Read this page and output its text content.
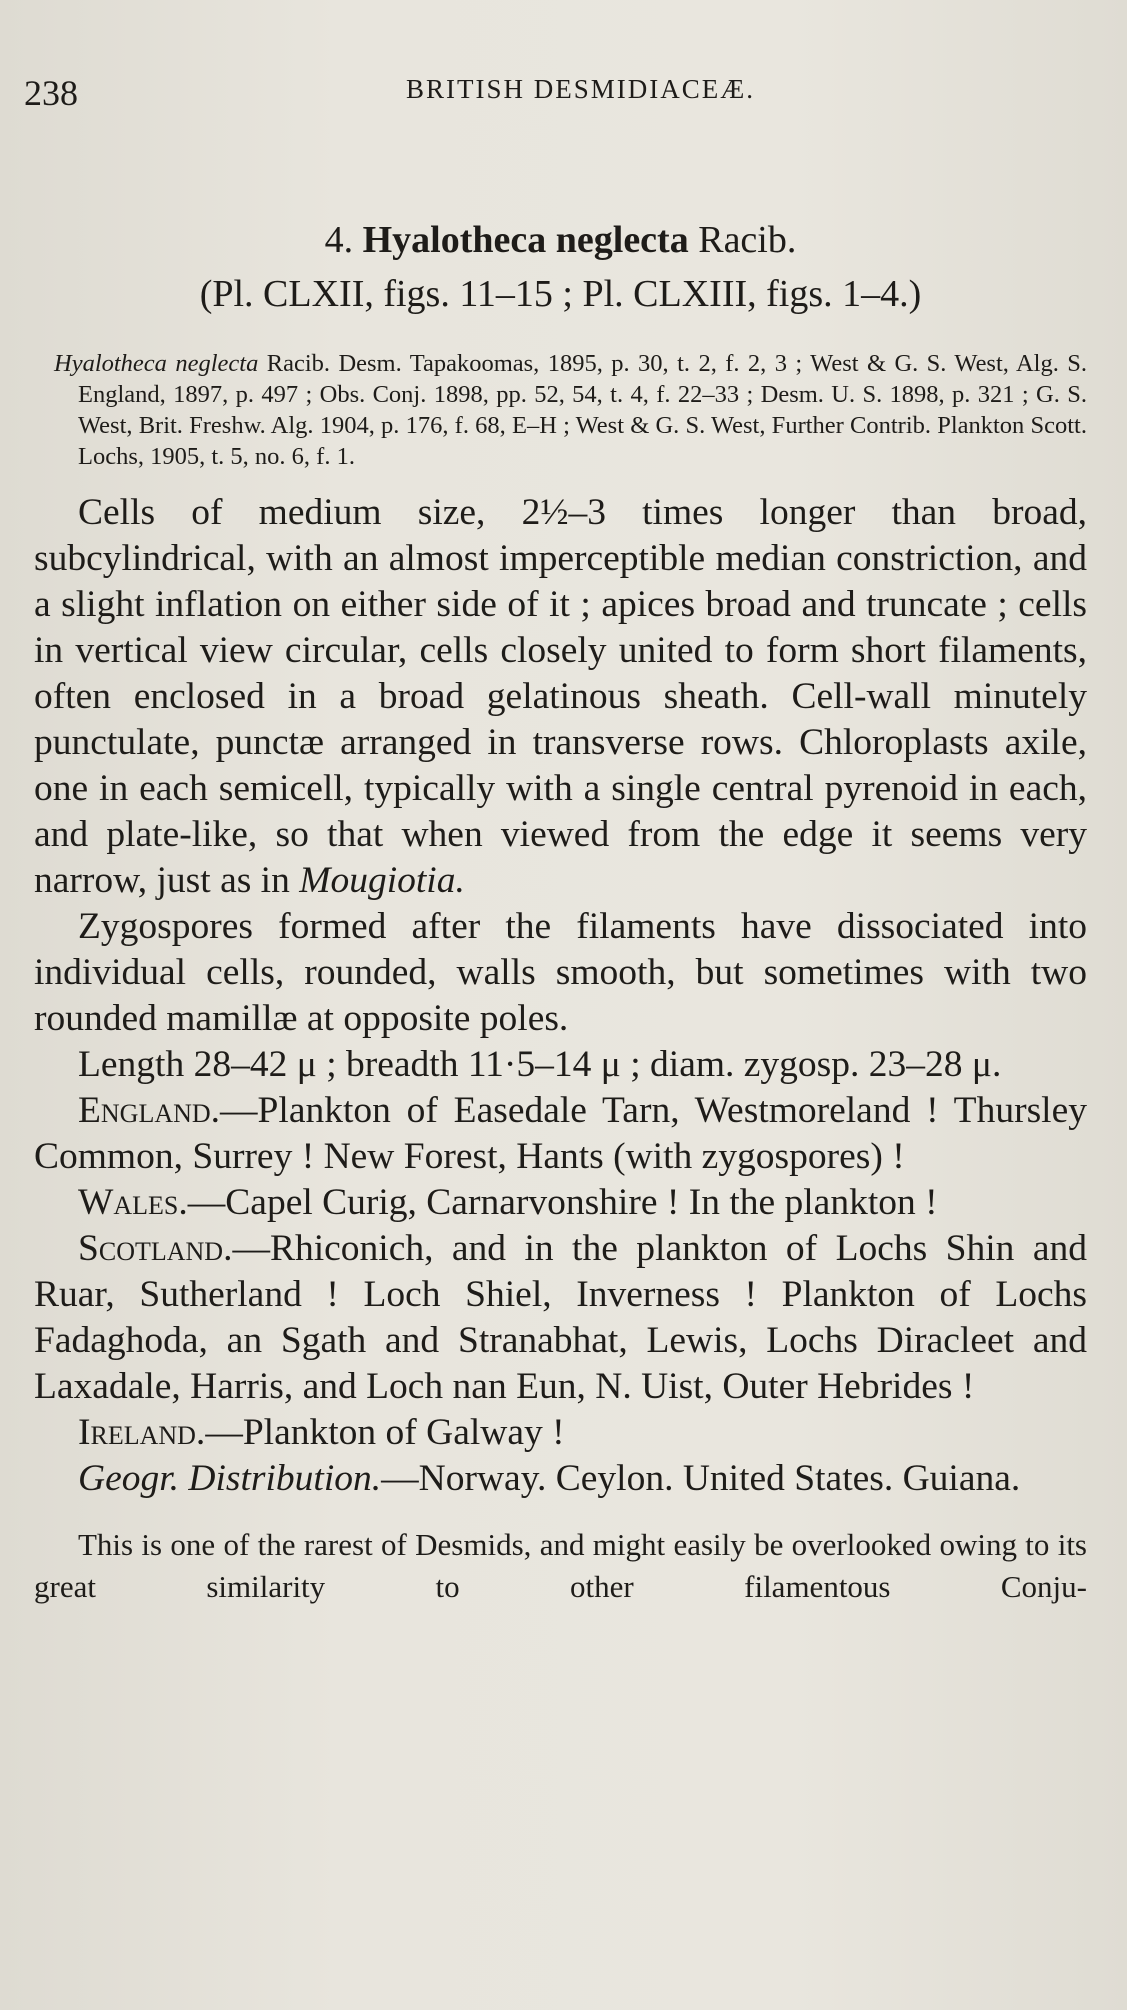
238	BRITISH DESMIDIACEÆ.
4. Hyalotheca neglecta Racib.
(Pl. CLXII, figs. 11–15 ; Pl. CLXIII, figs. 1–4.)
Hyalotheca neglecta Racib. Desm. Tapakoomas, 1895, p. 30, t. 2, f. 2, 3 ; West & G. S. West, Alg. S. England, 1897, p. 497 ; Obs. Conj. 1898, pp. 52, 54, t. 4, f. 22–33 ; Desm. U. S. 1898, p. 321 ; G. S. West, Brit. Freshw. Alg. 1904, p. 176, f. 68, E–H ; West & G. S. West, Further Contrib. Plankton Scott. Lochs, 1905, t. 5, no. 6, f. 1.

Cells of medium size, 2½–3 times longer than broad, subcylindrical, with an almost imperceptible median constriction, and a slight inflation on either side of it ; apices broad and truncate ; cells in vertical view circular, cells closely united to form short filaments, often enclosed in a broad gelatinous sheath. Cell-wall minutely punctulate, punctæ arranged in transverse rows. Chloroplasts axile, one in each semicell, typically with a single central pyrenoid in each, and plate-like, so that when viewed from the edge it seems very narrow, just as in Mougiotia.

Zygospores formed after the filaments have dissociated into individual cells, rounded, walls smooth, but sometimes with two rounded mamillæ at opposite poles.

Length 28–42 μ ; breadth 11·5–14 μ ; diam. zygosp. 23–28 μ.

England.—Plankton of Easedale Tarn, Westmoreland ! Thursley Common, Surrey ! New Forest, Hants (with zygospores) !

Wales.—Capel Curig, Carnarvonshire ! In the plankton !

Scotland.—Rhiconich, and in the plankton of Lochs Shin and Ruar, Sutherland ! Loch Shiel, Inverness ! Plankton of Lochs Fadaghoda, an Sgath and Stranabhat, Lewis, Lochs Diracleet and Laxadale, Harris, and Loch nan Eun, N. Uist, Outer Hebrides !

Ireland.—Plankton of Galway !

Geogr. Distribution.—Norway. Ceylon. United States. Guiana.

This is one of the rarest of Desmids, and might easily be overlooked owing to its great similarity to other filamentous Conju-
